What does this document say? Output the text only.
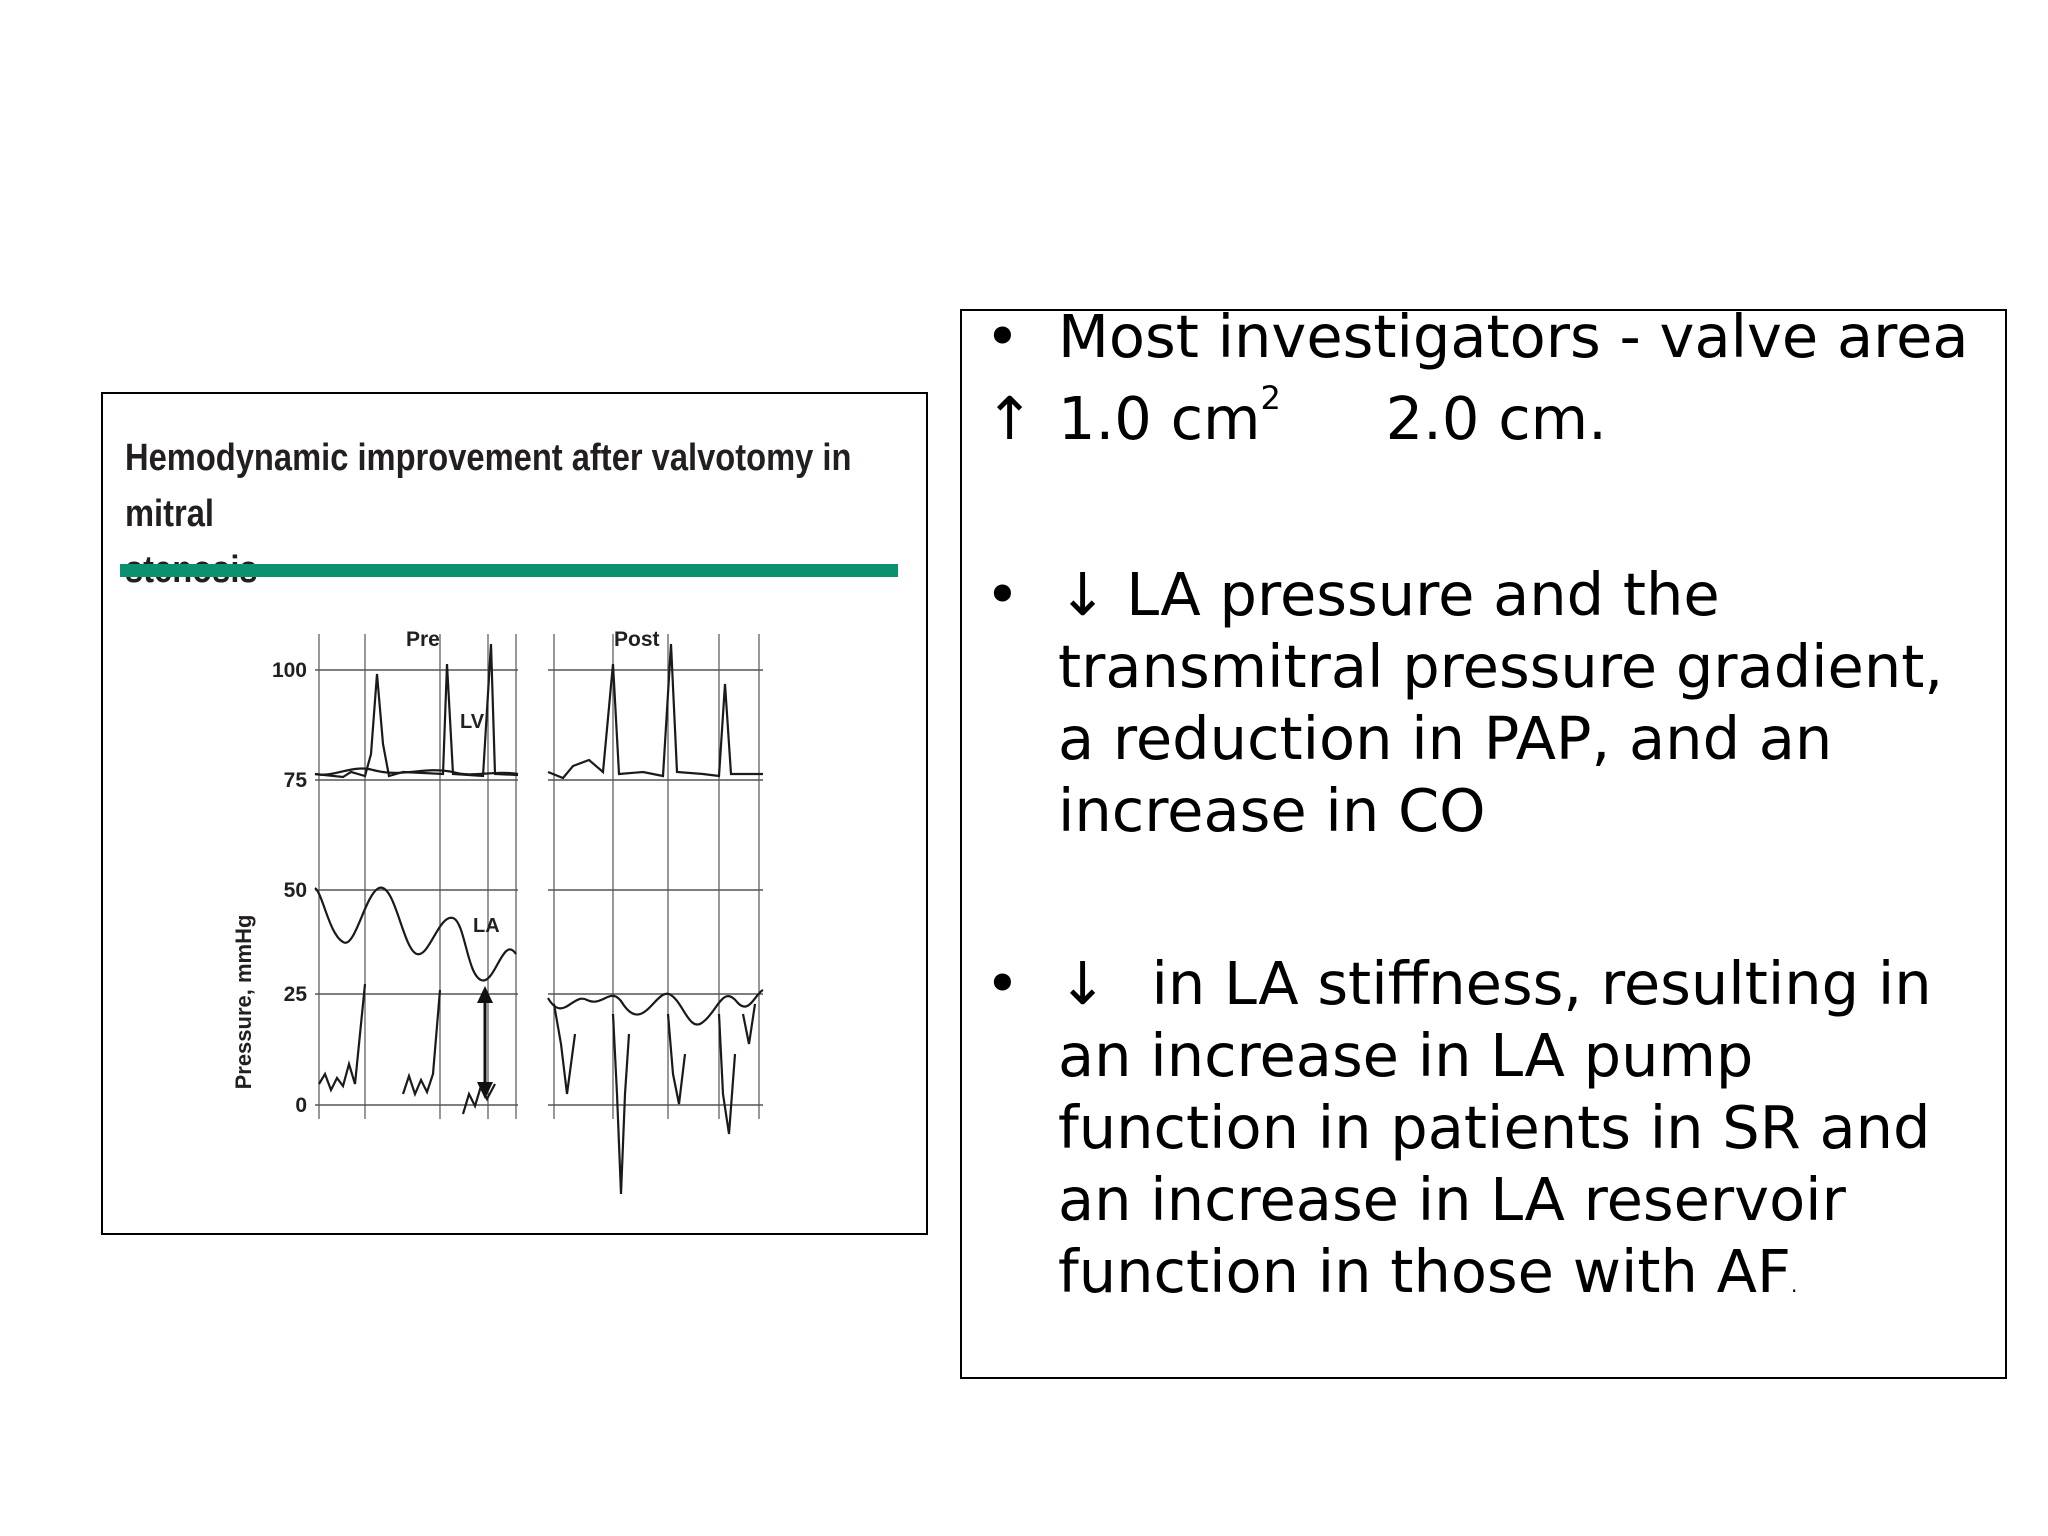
Hemodynamic improvement after valvotomy in mitral
Pressure, mmHg
100
75
50
25
0
Pre	Post
LV
LA
• Most investigators - valve area
↑ 1.0 $cm^2$ 2.0 cm.
• ↓ LA pressure and the
transmitral pressure gradient,
a reduction in PAP, and an
increase in CO
• ↓ in LA stiffness, resulting in
an increase in LA pump
function in patients in SR and
an increase in LA reservoir
function in those with AF.
